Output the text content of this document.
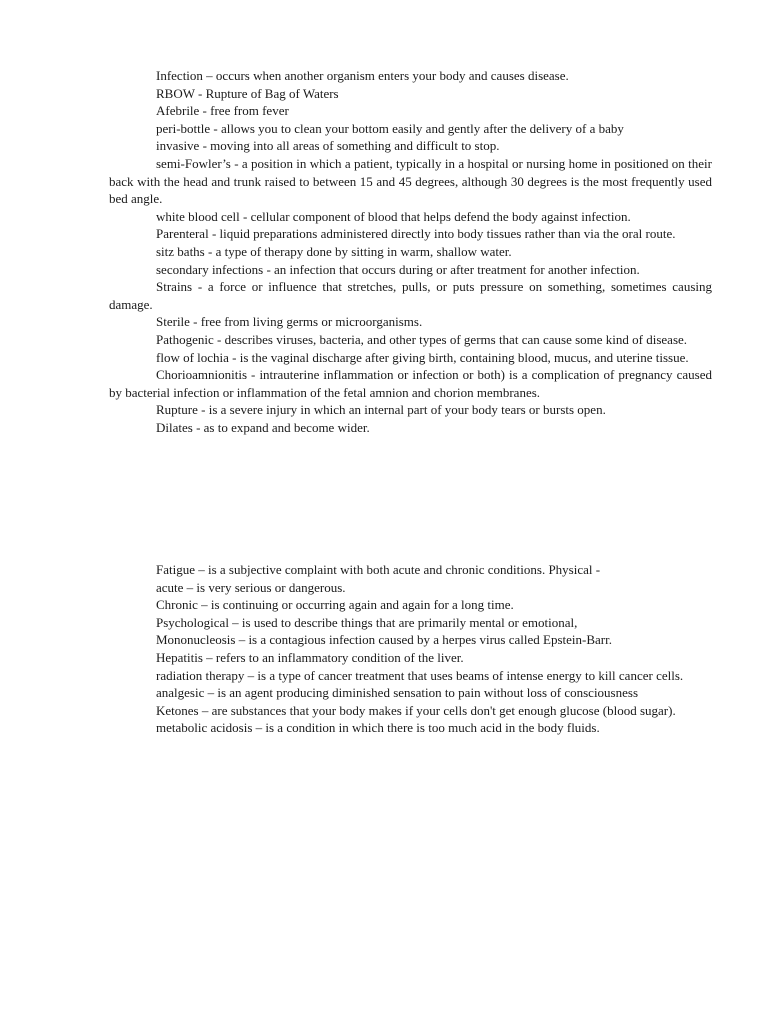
Infection – occurs when another organism enters your body and causes disease.

RBOW - Rupture of Bag of Waters

Afebrile - free from fever

peri-bottle - allows you to clean your bottom easily and gently after the delivery of a baby

invasive - moving into all areas of something and difficult to stop.

semi-Fowler’s - a position in which a patient, typically in a hospital or nursing home in positioned on their back with the head and trunk raised to between 15 and 45 degrees, although 30 degrees is the most frequently used bed angle.

white blood cell - cellular component of blood that helps defend the body against infection.

Parenteral - liquid preparations administered directly into body tissues rather than via the oral route.

sitz baths - a type of therapy done by sitting in warm, shallow water.

secondary infections - an infection that occurs during or after treatment for another infection.

Strains - a force or influence that stretches, pulls, or puts pressure on something, sometimes causing damage.

Sterile - free from living germs or microorganisms.

Pathogenic - describes viruses, bacteria, and other types of germs that can cause some kind of disease.

flow of lochia - is the vaginal discharge after giving birth, containing blood, mucus, and uterine tissue.

Chorioamnionitis - intrauterine inflammation or infection or both) is a complication of pregnancy caused by bacterial infection or inflammation of the fetal amnion and chorion membranes.

Rupture - is a severe injury in which an internal part of your body tears or bursts open.

Dilates - as to expand and become wider.

Fatigue – is a subjective complaint with both acute and chronic conditions. Physical -

acute – is very serious or dangerous.

Chronic – is continuing or occurring again and again for a long time.

Psychological – is used to describe things that are primarily mental or emotional,

Mononucleosis – is a contagious infection caused by a herpes virus called Epstein-Barr.

Hepatitis – refers to an inflammatory condition of the liver.

radiation therapy – is a type of cancer treatment that uses beams of intense energy to kill cancer cells.

analgesic – is an agent producing diminished sensation to pain without loss of consciousness

Ketones – are substances that your body makes if your cells don't get enough glucose (blood sugar).

metabolic acidosis – is a condition in which there is too much acid in the body fluids.
